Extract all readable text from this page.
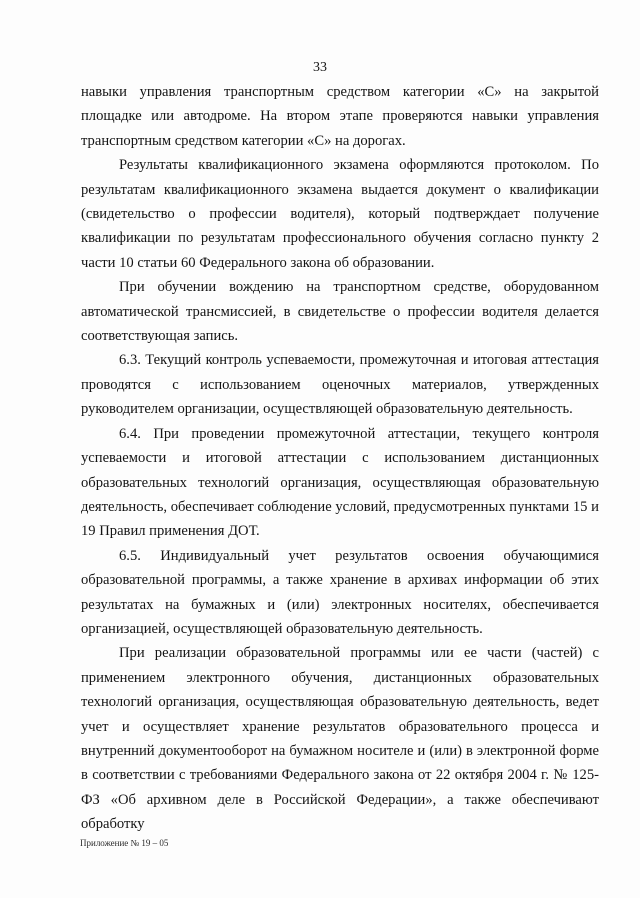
33

навыки управления транспортным средством категории «С» на закрытой площадке или автодроме. На втором этапе проверяются навыки управления транспортным средством категории «С» на дорогах.

Результаты квалификационного экзамена оформляются протоколом. По результатам квалификационного экзамена выдается документ о квалификации (свидетельство о профессии водителя), который подтверждает получение квалификации по результатам профессионального обучения согласно пункту 2 части 10 статьи 60 Федерального закона об образовании.

При обучении вождению на транспортном средстве, оборудованном автоматической трансмиссией, в свидетельстве о профессии водителя делается соответствующая запись.

6.3. Текущий контроль успеваемости, промежуточная и итоговая аттестация проводятся с использованием оценочных материалов, утвержденных руководителем организации, осуществляющей образовательную деятельность.

6.4. При проведении промежуточной аттестации, текущего контроля успеваемости и итоговой аттестации с использованием дистанционных образовательных технологий организация, осуществляющая образовательную деятельность, обеспечивает соблюдение условий, предусмотренных пунктами 15 и 19 Правил применения ДОТ.

6.5. Индивидуальный учет результатов освоения обучающимися образовательной программы, а также хранение в архивах информации об этих результатах на бумажных и (или) электронных носителях, обеспечивается организацией, осуществляющей образовательную деятельность.

При реализации образовательной программы или ее части (частей) с применением электронного обучения, дистанционных образовательных технологий организация, осуществляющая образовательную деятельность, ведет учет и осуществляет хранение результатов образовательного процесса и внутренний документооборот на бумажном носителе и (или) в электронной форме в соответствии с требованиями Федерального закона от 22 октября 2004 г. № 125-ФЗ «Об архивном деле в Российской Федерации», а также обеспечивают обработку

Приложение № 19 – 05
